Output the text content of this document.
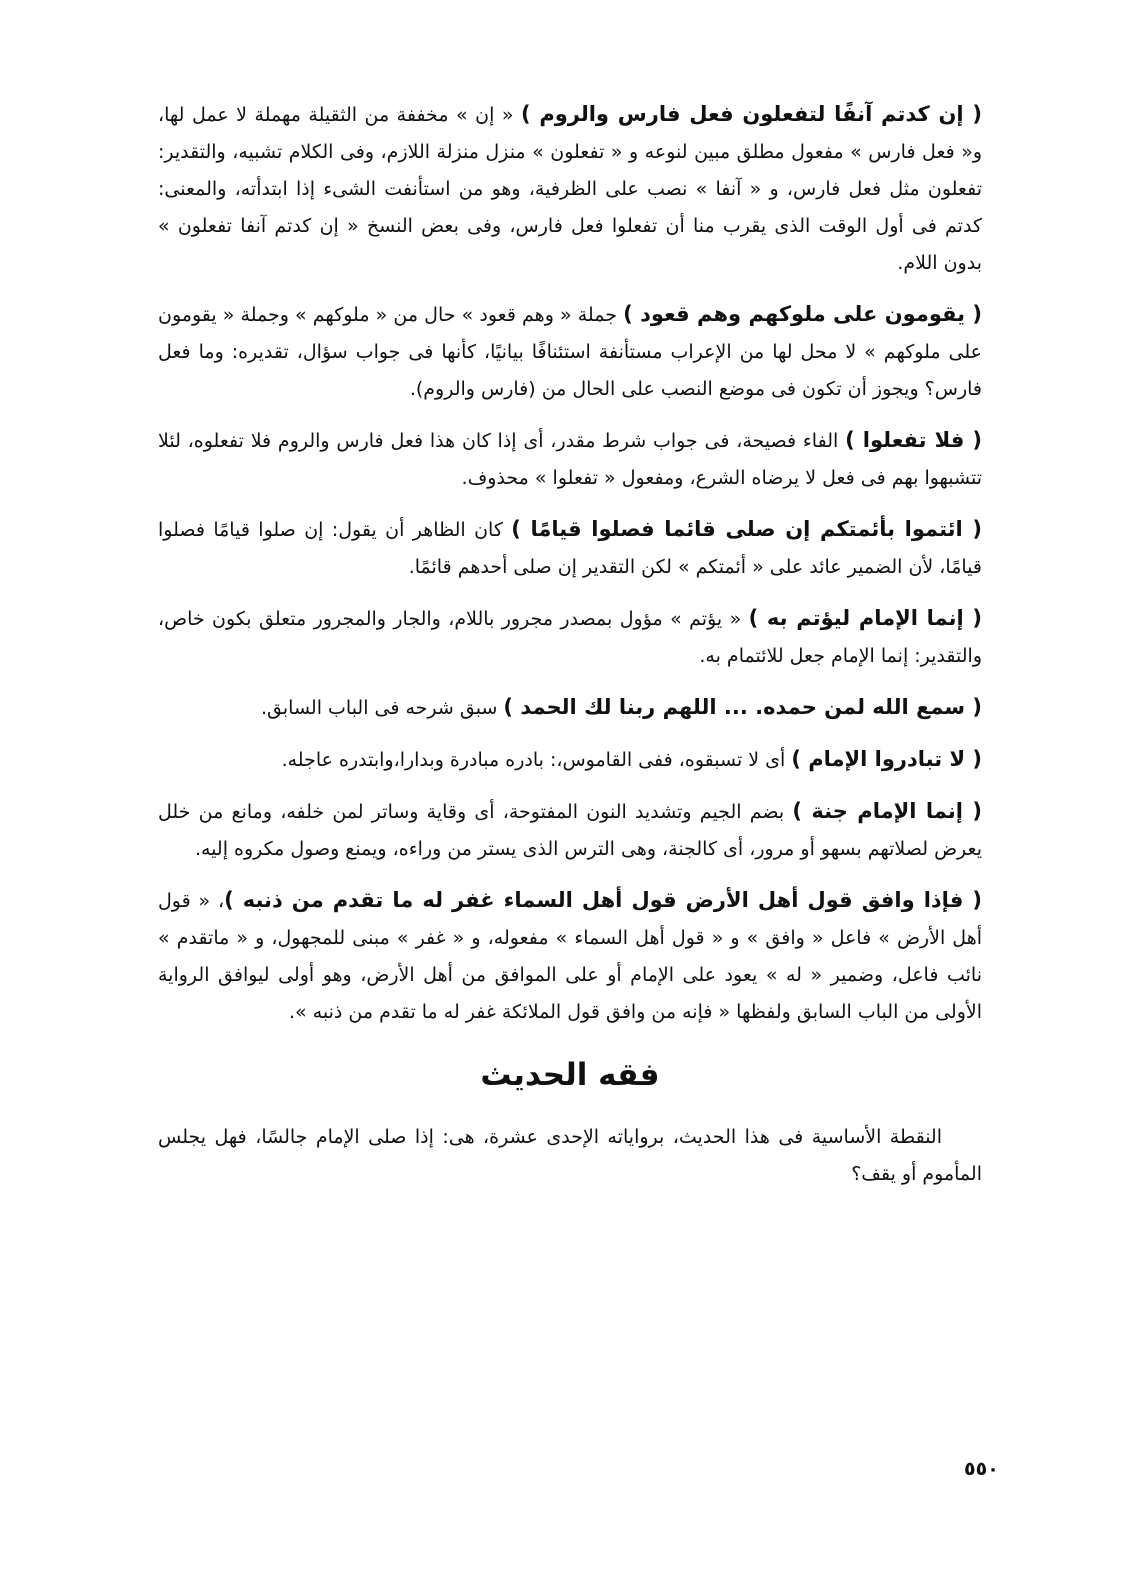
( إن كدتم آنفًا لتفعلون فعل فارس والروم ) « إن » مخففة من الثقيلة مهملة لا عمل لها، و« فعل فارس » مفعول مطلق مبين لنوعه و « تفعلون » منزل منزلة اللازم، وفى الكلام تشبيه، والتقدير: تفعلون مثل فعل فارس، و « آنفا » نصب على الظرفية، وهو من استأنفت الشىء إذا ابتدأته، والمعنى: كدتم فى أول الوقت الذى يقرب منا أن تفعلوا فعل فارس، وفى بعض النسخ « إن كدتم آنفا تفعلون » بدون اللام.

( يقومون على ملوكهم وهم قعود ) جملة « وهم قعود » حال من « ملوكهم » وجملة « يقومون على ملوكهم » لا محل لها من الإعراب مستأنفة استئنافًا بيانيًا، كأنها فى جواب سؤال، تقديره: وما فعل فارس؟ ويجوز أن تكون فى موضع النصب على الحال من (فارس والروم).

( فلا تفعلوا ) الفاء فصيحة، فى جواب شرط مقدر، أى إذا كان هذا فعل فارس والروم فلا تفعلوه، لئلا تتشبهوا بهم فى فعل لا يرضاه الشرع، ومفعول « تفعلوا » محذوف.

( ائتموا بأئمتكم إن صلى قائما فصلوا قيامًا ) كان الظاهر أن يقول: إن صلوا قيامًا فصلوا قيامًا، لأن الضمير عائد على « أئمتكم » لكن التقدير إن صلى أحدهم قائمًا.

( إنما الإمام ليؤتم به ) « يؤتم » مؤول بمصدر مجرور باللام، والجار والمجرور متعلق بكون خاص، والتقدير: إنما الإمام جعل للائتمام به.

( سمع الله لمن حمده. ... اللهم ربنا لك الحمد ) سبق شرحه فى الباب السابق.

( لا تبادروا الإمام ) أى لا تسبقوه، ففى القاموس،: بادره مبادرة وبدارا،وابتدره عاجله.

( إنما الإمام جنة ) بضم الجيم وتشديد النون المفتوحة، أى وقاية وساتر لمن خلفه، ومانع من خلل يعرض لصلاتهم بسهو أو مرور، أى كالجنة، وهى الترس الذى يستر من وراءه، ويمنع وصول مكروه إليه.

( فإذا وافق قول أهل الأرض قول أهل السماء غفر له ما تقدم من ذنبه )، « قول أهل الأرض » فاعل « وافق » و « قول أهل السماء » مفعوله، و « غفر » مبنى للمجهول، و « ماتقدم » نائب فاعل، وضمير « له » يعود على الإمام أو على الموافق من أهل الأرض، وهو أولى ليوافق الرواية الأولى من الباب السابق ولفظها « فإنه من وافق قول الملائكة غفر له ما تقدم من ذنبه ».

فقه الحديث

النقطة الأساسية فى هذا الحديث، برواياته الإحدى عشرة، هى: إذا صلى الإمام جالسًا، فهل يجلس المأموم أو يقف؟

٥٥٠
